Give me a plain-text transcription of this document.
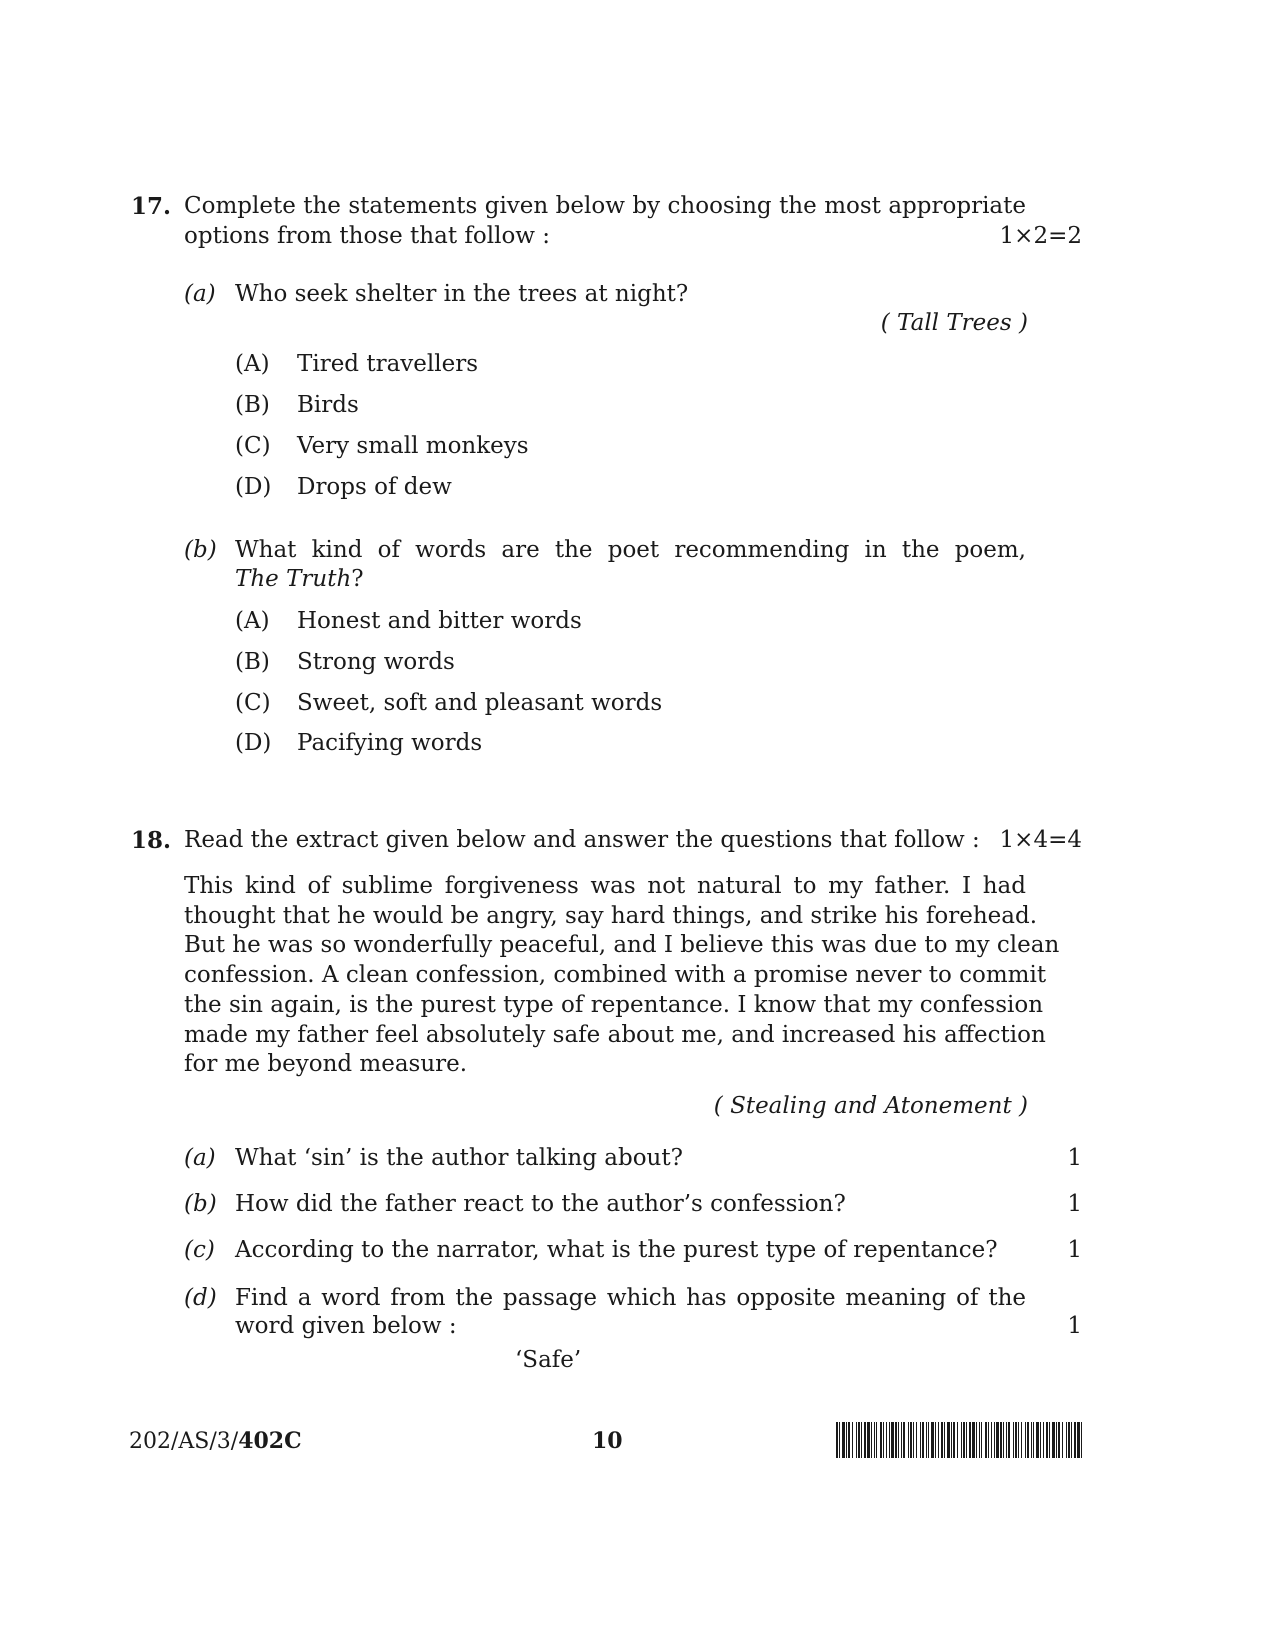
17. Complete the statements given below by choosing the most appropriate
options from those that follow :	1×2=2
(a) Who seek shelter in the trees at night?
( Tall Trees )
(A) Tired travellers
(B) Birds
(C) Very small monkeys
(D) Drops of dew
(b) What kind of words are the poet recommending in the poem,
The Truth?
(A) Honest and bitter words
(B) Strong words
(C) Sweet, soft and pleasant words
(D) Pacifying words
18. Read the extract given below and answer the questions that follow : 1×4=4
This kind of sublime forgiveness was not natural to my father. I had
thought that he would be angry, say hard things, and strike his forehead.
But he was so wonderfully peaceful, and I believe this was due to my clean
confession. A clean confession, combined with a promise never to commit
the sin again, is the purest type of repentance. I know that my confession
made my father feel absolutely safe about me, and increased his affection
for me beyond measure.
( Stealing and Atonement )
(a) What ‘sin’ is the author talking about?	1
(b) How did the father react to the author’s confession?	1
(c) According to the narrator, what is the purest type of repentance?	1
(d) Find a word from the passage which has opposite meaning of the
word given below :	1
‘Safe’
202/AS/3/402C	10
